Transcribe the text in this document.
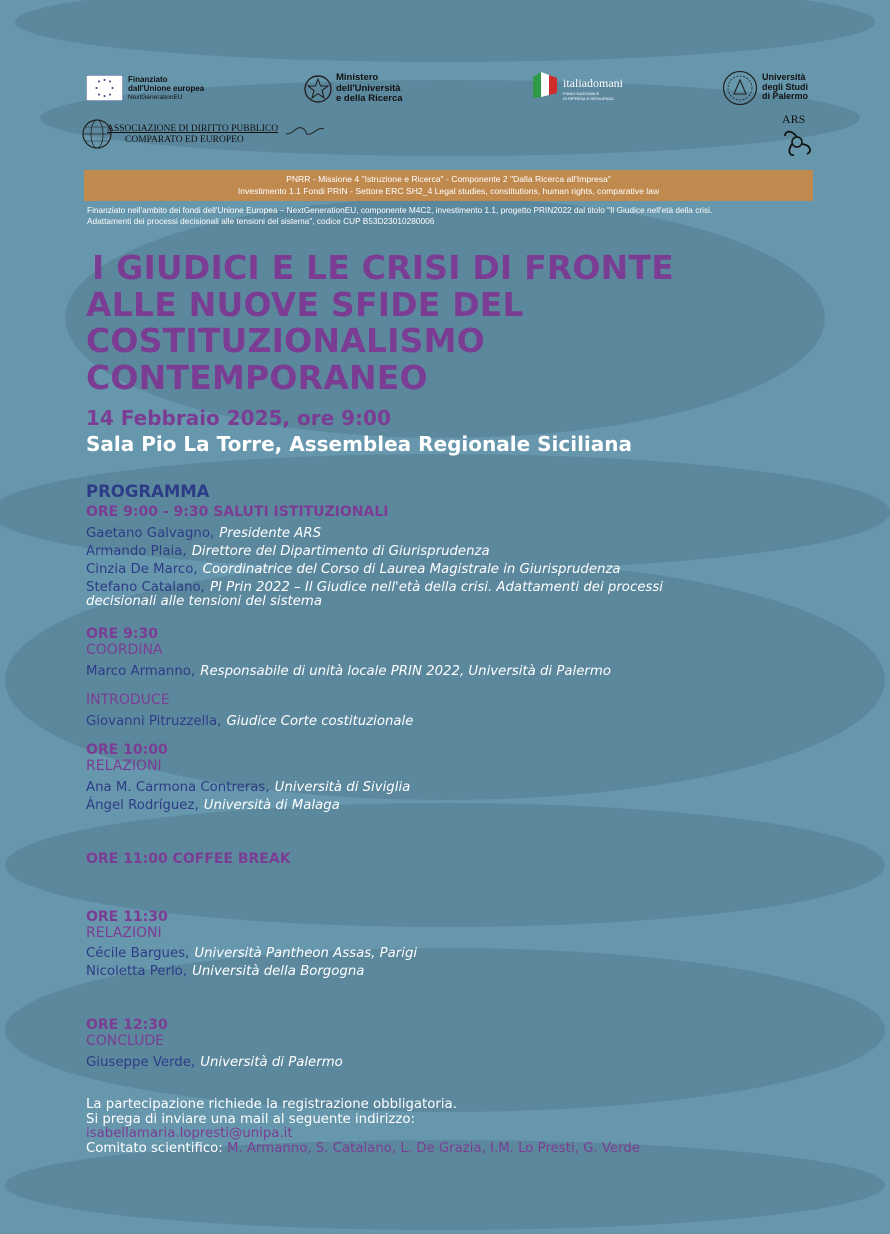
Finanziato
dall'Unione europea
NextGenerationEU
Ministero
dell'Università
e della Ricerca
italiadomani
PIANO NAZIONALE
DI RIPRESA E RESILIENZA
Università
degli Studi
di Palermo
ASSOCIAZIONE DI DIRITTO PUBBLICO
COMPARATO ED EUROPEO
ARS
PNRR - Missione 4 "Istruzione e Ricerca" - Componente 2 "Dalla Ricerca all'Impresa"
Investimento 1.1 Fondi PRIN - Settore ERC SH2_4 Legal studies, constitutions, human rights, comparative law
Finanziato nell'ambito dei fondi dell'Unione Europea – NextGenerationEU, componente M4C2, investimento 1.1, progetto PRIN2022 dal titolo "Il Giudice nell'età della crisi.
Adattamenti dei processi decisionali alle tensioni del sistema", codice CUP B53D23010280006
I GIUDICI E LE CRISI DI FRONTE
ALLE NUOVE SFIDE DEL
COSTITUZIONALISMO
CONTEMPORANEO
14 Febbraio 2025, ore 9:00
Sala Pio La Torre, Assemblea Regionale Siciliana
PROGRAMMA
ORE 9:00 - 9:30 SALUTI ISTITUZIONALI
Gaetano Galvagno, Presidente ARS
Armando Plaia, Direttore del Dipartimento di Giurisprudenza
Cinzia De Marco, Coordinatrice del Corso di Laurea Magistrale in Giurisprudenza
Stefano Catalano, PI Prin 2022 – Il Giudice nell'età della crisi. Adattamenti dei processi
decisionali alle tensioni del sistema
ORE 9:30
COORDINA
Marco Armanno, Responsabile di unità locale PRIN 2022, Università di Palermo
INTRODUCE
Giovanni Pitruzzella, Giudice Corte costituzionale
ORE 10:00
RELAZIONI
Ana M. Carmona Contreras, Università di Siviglia
Ángel Rodríguez, Università di Malaga
ORE 11:00 COFFEE BREAK
ORE 11:30
RELAZIONI
Cécile Bargues, Università Pantheon Assas, Parigi
Nicoletta Perlo, Università della Borgogna
ORE 12:30
CONCLUDE
Giuseppe Verde, Università di Palermo
La partecipazione richiede la registrazione obbligatoria.
Si prega di inviare una mail al seguente indirizzo:
isabellamaria.lopresti@unipa.it
Comitato scientifico: M. Armanno, S. Catalano, L. De Grazia, I.M. Lo Presti, G. Verde
